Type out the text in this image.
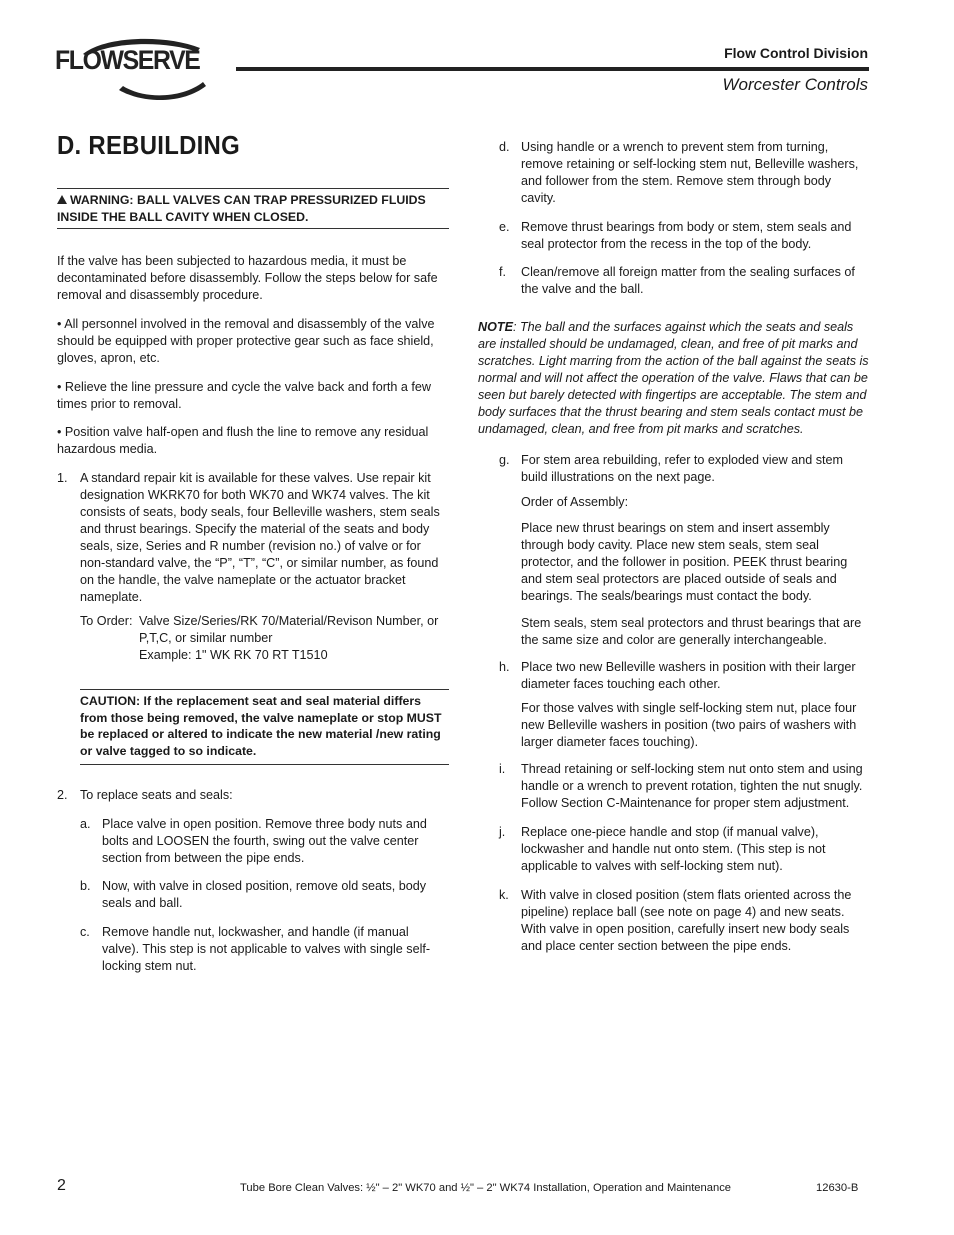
FLOWSERVE	Flow Control Division
Worcester Controls
D. REBUILDING
WARNING: BALL VALVES CAN TRAP PRESSURIZED FLUIDS INSIDE THE BALL CAVITY WHEN CLOSED.
If the valve has been subjected to hazardous media, it must be decontaminated before disassembly. Follow the steps below for safe removal and disassembly procedure.
• All personnel involved in the removal and disassembly of the valve should be equipped with proper protective gear such as face shield, gloves, apron, etc.
• Relieve the line pressure and cycle the valve back and forth a few times prior to removal.
• Position valve half-open and flush the line to remove any residual hazardous media.
1. A standard repair kit is available for these valves. Use repair kit designation WKRK70 for both WK70 and WK74 valves. The kit consists of seats, body seals, four Belleville washers, stem seals and thrust bearings. Specify the material of the seats and body seals, size, Series and R number (revision no.) of valve or for non-standard valve, the “P”, “T”, “C”, or similar number, as found on the handle, the valve nameplate or the actuator bracket nameplate.
To Order: Valve Size/Series/RK 70/Material/Revison Number, or P,T,C, or similar number
Example: 1" WK RK 70 RT T1510
CAUTION: If the replacement seat and seal material differs from those being removed, the valve nameplate or stop MUST be replaced or altered to indicate the new material /new rating or valve tagged to so indicate.
2. To replace seats and seals:
a. Place valve in open position. Remove three body nuts and bolts and LOOSEN the fourth, swing out the valve center section from between the pipe ends.
b. Now, with valve in closed position, remove old seats, body seals and ball.
c. Remove handle nut, lockwasher, and handle (if manual valve). This step is not applicable to valves with single self-locking stem nut.
d. Using handle or a wrench to prevent stem from turning, remove retaining or self-locking stem nut, Belleville washers, and follower from the stem. Remove stem through body cavity.
e. Remove thrust bearings from body or stem, stem seals and seal protector from the recess in the top of the body.
f. Clean/remove all foreign matter from the sealing surfaces of the valve and the ball.
NOTE: The ball and the surfaces against which the seats and seals are installed should be undamaged, clean, and free of pit marks and scratches. Light marring from the action of the ball against the seats is normal and will not affect the operation of the valve. Flaws that can be seen but barely detected with fingertips are acceptable. The stem and body surfaces that the thrust bearing and stem seals contact must be undamaged, clean, and free from pit marks and scratches.
g. For stem area rebuilding, refer to exploded view and stem build illustrations on the next page.
Order of Assembly:
Place new thrust bearings on stem and insert assembly through body cavity. Place new stem seals, stem seal protector, and the follower in position. PEEK thrust bearing and stem seal protectors are placed outside of seals and bearings. The seals/bearings must contact the body.
Stem seals, stem seal protectors and thrust bearings that are the same size and color are generally interchangeable.
h. Place two new Belleville washers in position with their larger diameter faces touching each other.
For those valves with single self-locking stem nut, place four new Belleville washers in position (two pairs of washers with larger diameter faces touching).
i. Thread retaining or self-locking stem nut onto stem and using handle or a wrench to prevent rotation, tighten the nut snugly. Follow Section C-Maintenance for proper stem adjustment.
j. Replace one-piece handle and stop (if manual valve), lockwasher and handle nut onto stem. (This step is not applicable to valves with self-locking stem nut).
k. With valve in closed position (stem flats oriented across the pipeline) replace ball (see note on page 4) and new seats. With valve in open position, carefully insert new body seals and place center section between the pipe ends.
2	Tube Bore Clean Valves: ½" – 2" WK70 and ½" – 2" WK74 Installation, Operation and Maintenance	12630-B
